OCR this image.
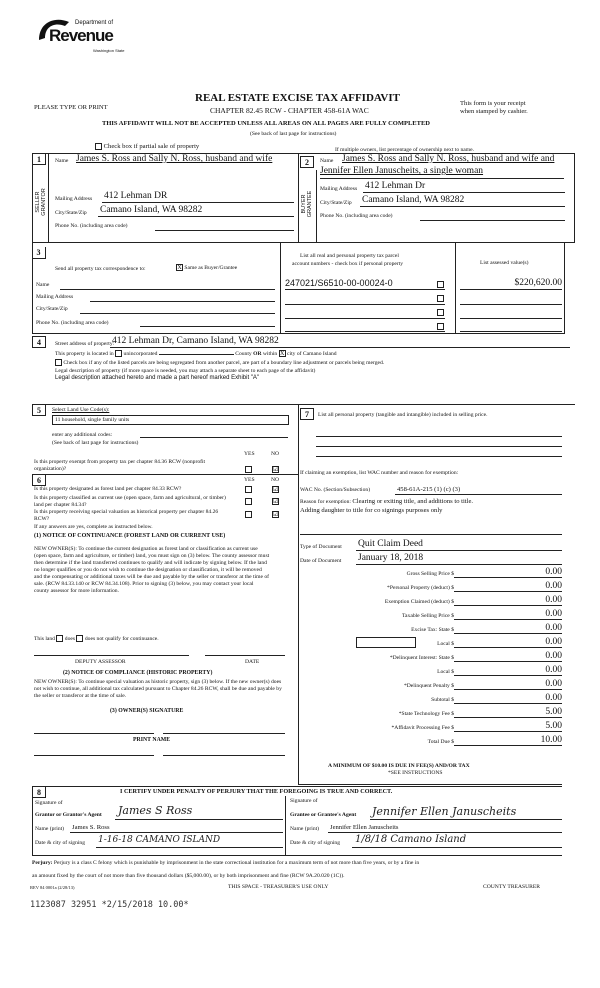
Department of
Revenue
Washington State
PLEASE TYPE OR PRINT
REAL ESTATE EXCISE TAX AFFIDAVIT
CHAPTER 82.45 RCW - CHAPTER 458-61A WAC
This form is your receipt
when stamped by cashier.
THIS AFFIDAVIT WILL NOT BE ACCEPTED UNLESS ALL AREAS ON ALL PAGES ARE FULLY COMPLETED
(See back of last page for instructions)
Check box if partial sale of property	If multiple owners, list percentage of ownership next to name.
1
SELLER
GRANTOR
Name James S. Ross and Sally N. Ross, husband and wife
Mailing Address 412 Lehman DR
City/State/Zip Camano Island, WA 98282
Phone No. (including area code)
2
BUYER
GRANTEE
Name James S. Ross and Sally N. Ross, husband and wife and
Jennifer Ellen Januscheits, a single woman
Mailing Address 412 Lehman Dr
City/State/Zip Camano Island, WA 98282
Phone No. (including area code)
3
Send all property tax correspondence to:	X Same as Buyer/Grantee
List all real and personal property tax parcel
account numbers - check box if personal property	List assessed value(s)
Name
Mailing Address
City/State/Zip
Phone No. (including area code)
247021/S6510-00-00024-0	$220,620.00
4	Street address of property:
412 Lehman Dr, Camano Island, WA 98282
This property is located in unincorporated	County OR within X city of Camano Island
Check box if any of the listed parcels are being segregated from another parcel, are part of a boundary line adjustment or parcels being merged.
Legal description of property (if more space is needed, you may attach a separate sheet to each page of the affidavit)
Legal description attached hereto and made a part hereof marked Exhibit "A"
5	Select Land Use Code(s):
11 household, single family units
enter any additional codes:
(See back of last page for instructions)
YES	NO
Is this property exempt from property tax per chapter 84.36 RCW (nonprofit organization)?	☑
6	YES	NO
Is this property designated as forest land per chapter 84.33 RCW?	☑
Is this property classified as current use (open space, farm and agricultural, or timber) land per chapter 84.34?	☑
Is this property receiving special valuation as historical property per chapter 84.26 RCW?
☑
If any answers are yes, complete as instructed below.
(1) NOTICE OF CONTINUANCE (FOREST LAND OR CURRENT USE)
NEW OWNER(S): To continue the current designation as forest land or classification as current use (open space, farm and agriculture, or timber) land, you must sign on (3) below. The county assessor must then determine if the land transferred continues to qualify and will indicate by signing below. If the land no longer qualifies or you do not wish to continue the designation or classification, it will be removed and the compensating or additional taxes will be due and payable by the seller or transferor at the time of sale. (RCW 84.33.140 or RCW 84.34.108). Prior to signing (3) below, you may contact your local county assessor for more information.
This land does does not qualify for continuance.
DEPUTY ASSESSOR	DATE
(2) NOTICE OF COMPLIANCE (HISTORIC PROPERTY)
NEW OWNER(S): To continue special valuation as historic property, sign (3) below. If the new owner(s) does not wish to continue, all additional tax calculated pursuant to Chapter 84.26 RCW, shall be due and payable by the seller or transferor at the time of sale.
(3) OWNER(S) SIGNATURE
PRINT NAME
7	List all personal property (tangible and intangible) included in selling price.
If claiming an exemption, list WAC number and reason for exemption:
WAC No. (Section/Subsection)	458-61A-215 (1) (c) (3)
Reason for exemption: Clearing or exiting title, and additions to title.
Adding daughter to title for co signings purposes only
Type of Document Quit Claim Deed
Date of Document January 18, 2018
Gross Selling Price $	0.00
*Personal Property (deduct) $	0.00
Exemption Claimed (deduct) $	0.00
Taxable Selling Price $	0.00
Excise Tax: State $	0.00
Local $	0.00
*Delinquent Interest: State $	0.00
Local $	0.00
*Delinquent Penalty $	0.00
Subtotal $	0.00
*State Technology Fee $	5.00
*Affidavit Processing Fee $	5.00
Total Due $	10.00
A MINIMUM OF $10.00 IS DUE IN FEE(S) AND/OR TAX
*SEE INSTRUCTIONS
8	I CERTIFY UNDER PENALTY OF PERJURY THAT THE FOREGOING IS TRUE AND CORRECT.
Signature of
Grantor or Grantor's Agent James S Ross
Name (print) James S. Ross
Date & city of signing 1-16-18 CAMANO ISLAND
Signature of
Grantee or Grantee's Agent Jennifer Ellen Januscheits
Name (print) Jennifer Ellen Januscheits
Date & city of signing 1/8/18 Camano Island
Perjury: Perjury is a class C felony which is punishable by imprisonment in the state correctional institution for a maximum term of not more than five years, or by a fine in
an amount fixed by the court of not more than five thousand dollars ($5,000.00), or by both imprisonment and fine (RCW 9A.20.020 (1C)).
REV 84 0001a (2/28/13)	THIS SPACE - TREASURER'S USE ONLY	COUNTY TREASURER
1123087 32951 *2/15/2018 10.00*
